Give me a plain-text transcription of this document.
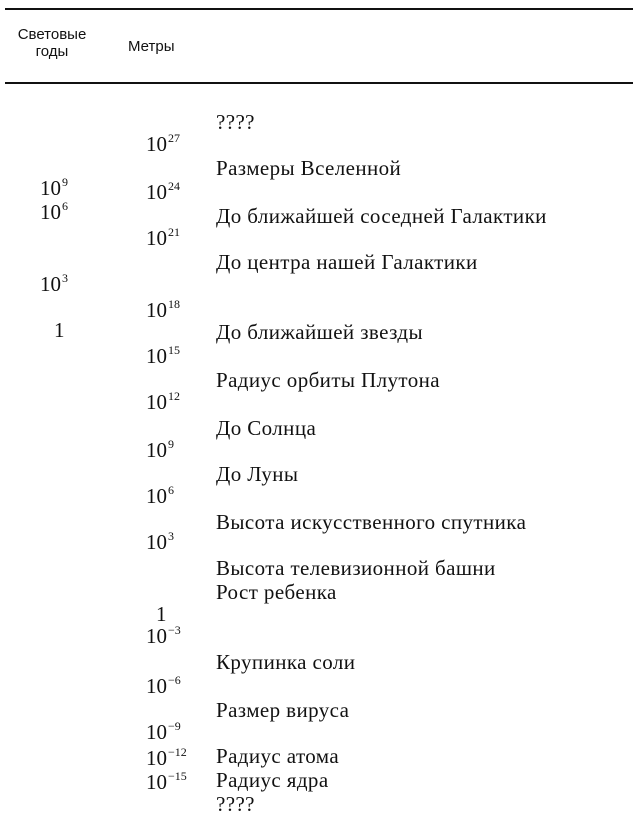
Световые
годы	Метры
$10^9$
$10^6$
$10^3$
1
$10^{27}$
$10^{24}$
$10^{21}$
$10^{18}$
$10^{15}$
$10^{12}$
$10^9$
$10^6$
$10^3$
1
$10^{-3}$
$10^{-6}$
$10^{-9}$
$10^{-12}$
$10^{-15}$
????
Размеры Вселенной
До ближайшей соседней Галактики
До центра нашей Галактики
До ближайшей звезды
Радиус орбиты Плутона
До Солнца
До Луны
Высота искусственного спутника
Высота телевизионной башни
Рост ребенка
Крупинка соли
Размер вируса
Радиус атома
Радиус ядра
????
